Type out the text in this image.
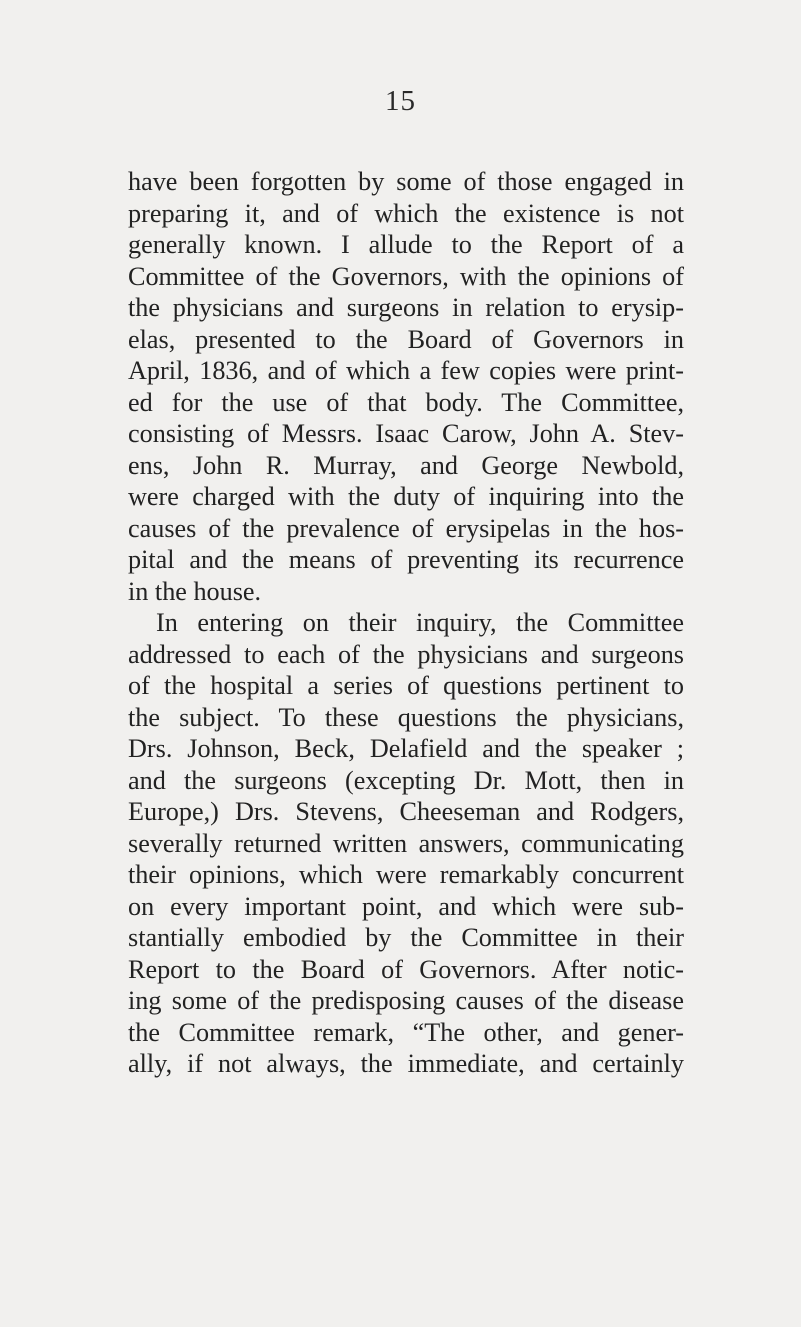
15
have been forgotten by some of those engaged in
preparing it, and of which the existence is not
generally known. I allude to the Report of a
Committee of the Governors, with the opinions of
the physicians and surgeons in relation to erysip-
elas, presented to the Board of Governors in
April, 1836, and of which a few copies were print-
ed for the use of that body. The Committee,
consisting of Messrs. Isaac Carow, John A. Stev-
ens, John R. Murray, and George Newbold,
were charged with the duty of inquiring into the
causes of the prevalence of erysipelas in the hos-
pital and the means of preventing its recurrence
in the house.
In entering on their inquiry, the Committee
addressed to each of the physicians and surgeons
of the hospital a series of questions pertinent to
the subject. To these questions the physicians,
Drs. Johnson, Beck, Delafield and the speaker ;
and the surgeons (excepting Dr. Mott, then in
Europe,) Drs. Stevens, Cheeseman and Rodgers,
severally returned written answers, communicating
their opinions, which were remarkably concurrent
on every important point, and which were sub-
stantially embodied by the Committee in their
Report to the Board of Governors. After notic-
ing some of the predisposing causes of the disease
the Committee remark, “The other, and gener-
ally, if not always, the immediate, and certainly
